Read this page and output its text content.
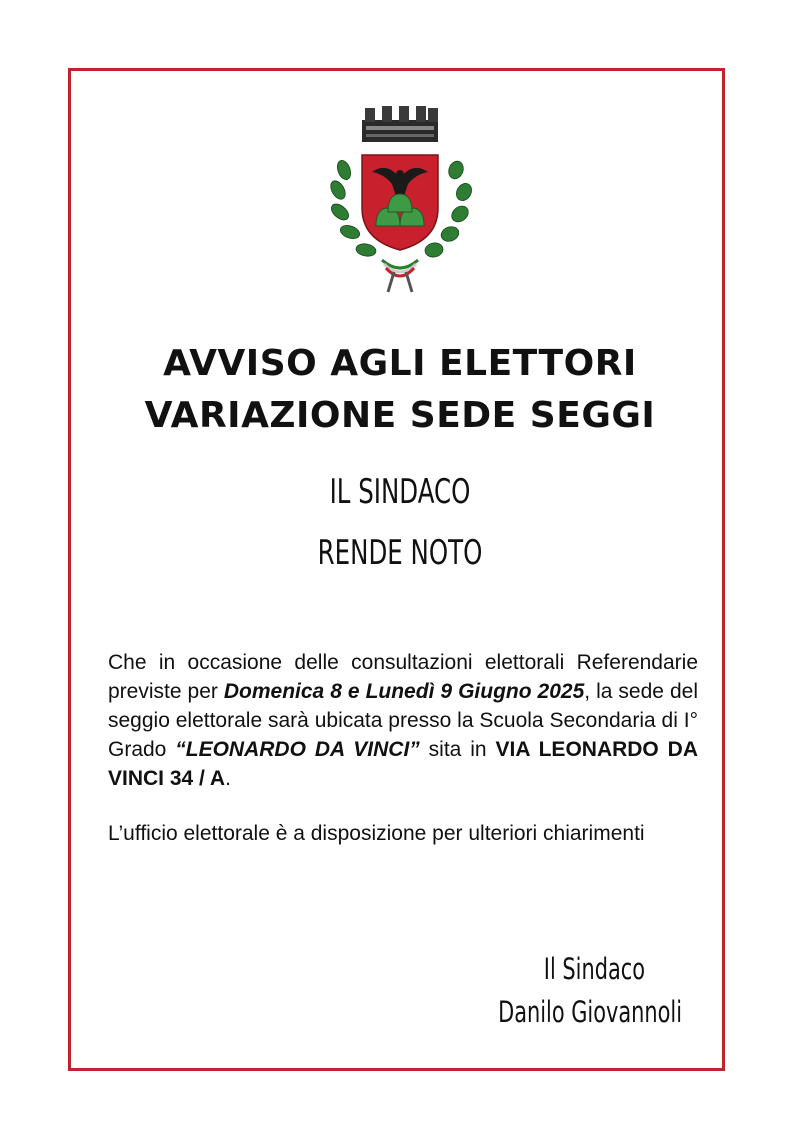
AVVISO AGLI ELETTORI
VARIAZIONE SEDE SEGGI
IL SINDACO
RENDE NOTO

Che in occasione delle consultazioni elettorali Referendarie previste per Domenica 8 e Lunedì 9 Giugno 2025, la sede del seggio elettorale sarà ubicata presso la Scuola Secondaria di I° Grado “LEONARDO DA VINCI” sita in VIA LEONARDO DA VINCI 34 / A.

L’ufficio elettorale è a disposizione per ulteriori chiarimenti

Il Sindaco
Danilo Giovannoli
